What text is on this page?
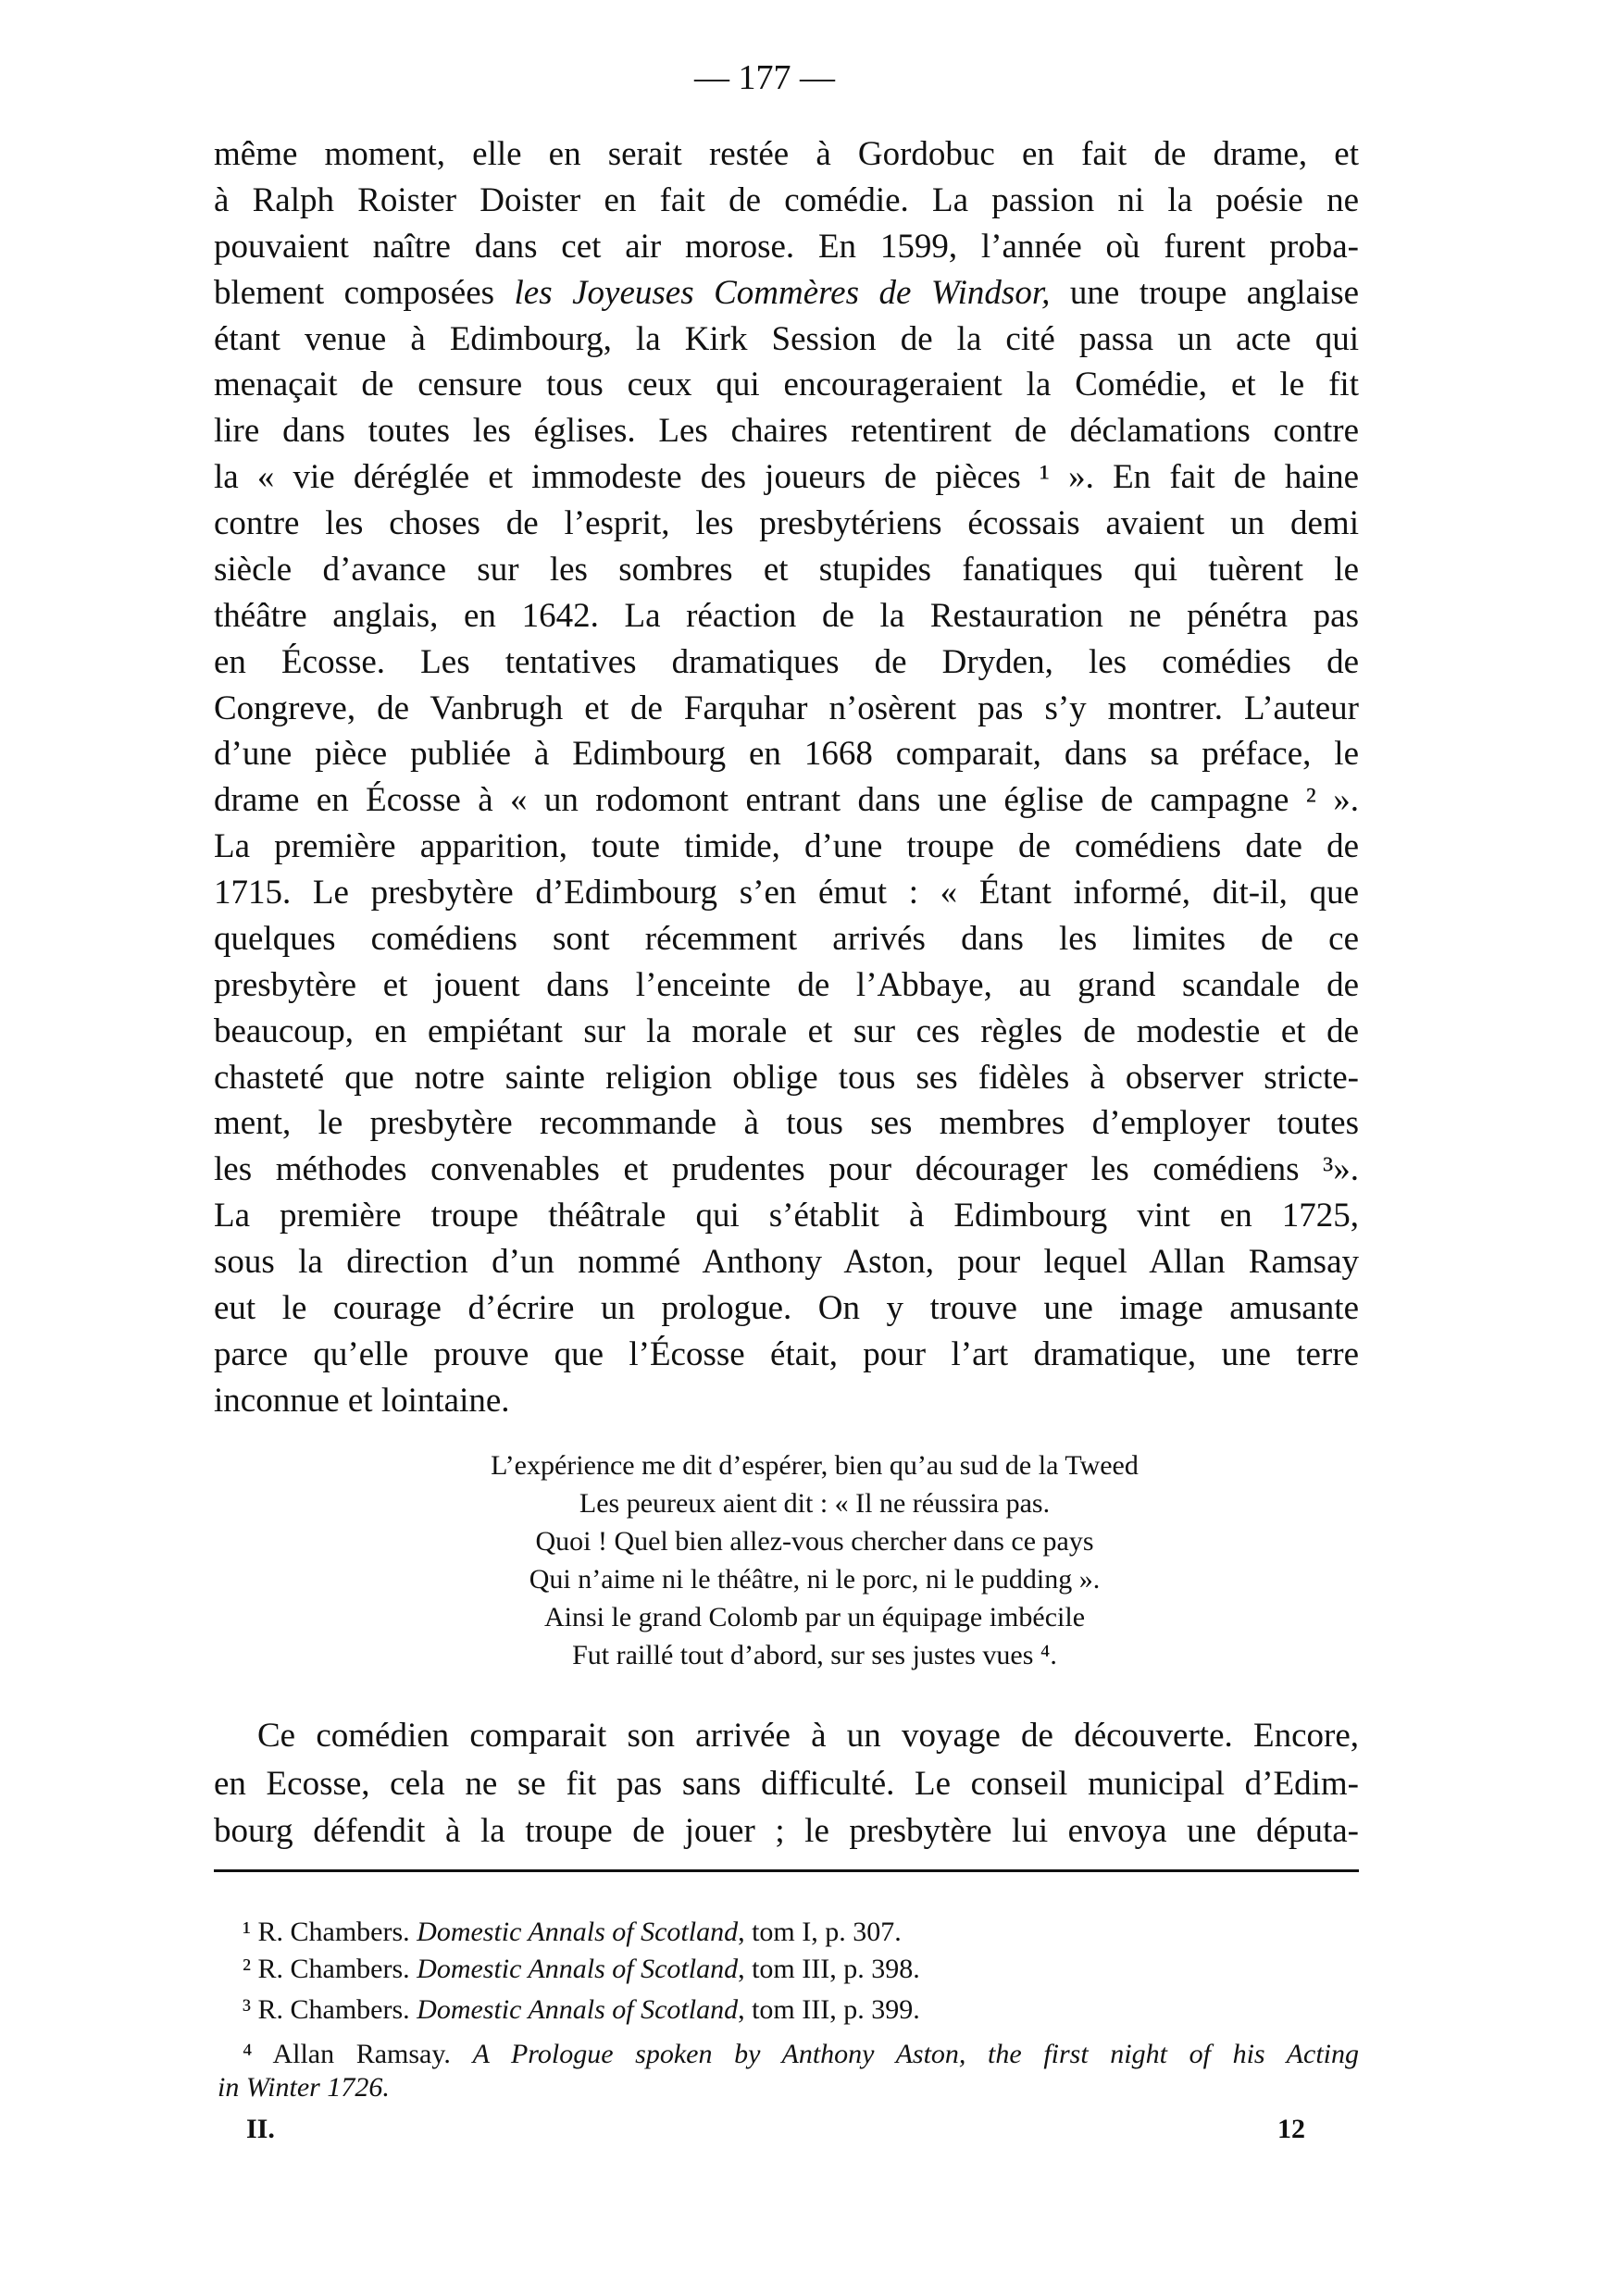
— 177 —
même moment, elle en serait restée à Gordobuc en fait de drame, et
à Ralph Roister Doister en fait de comédie. La passion ni la poésie ne
pouvaient naître dans cet air morose. En 1599, l’année où furent proba-
blement composées les Joyeuses Commères de Windsor, une troupe anglaise
étant venue à Edimbourg, la Kirk Session de la cité passa un acte qui
menaçait de censure tous ceux qui encourageraient la Comédie, et le fit
lire dans toutes les églises. Les chaires retentirent de déclamations contre
la « vie déréglée et immodeste des joueurs de pièces ¹ ». En fait de haine
contre les choses de l’esprit, les presbytériens écossais avaient un demi
siècle d’avance sur les sombres et stupides fanatiques qui tuèrent le
théâtre anglais, en 1642. La réaction de la Restauration ne pénétra pas
en Écosse. Les tentatives dramatiques de Dryden, les comédies de
Congreve, de Vanbrugh et de Farquhar n’osèrent pas s’y montrer. L’auteur
d’une pièce publiée à Edimbourg en 1668 comparait, dans sa préface, le
drame en Écosse à « un rodomont entrant dans une église de campagne ² ».
La première apparition, toute timide, d’une troupe de comédiens date de
1715. Le presbytère d’Edimbourg s’en émut : « Étant informé, dit-il, que
quelques comédiens sont récemment arrivés dans les limites de ce
presbytère et jouent dans l’enceinte de l’Abbaye, au grand scandale de
beaucoup, en empiétant sur la morale et sur ces règles de modestie et de
chasteté que notre sainte religion oblige tous ses fidèles à observer stricte-
ment, le presbytère recommande à tous ses membres d’employer toutes
les méthodes convenables et prudentes pour décourager les comédiens ³».
La première troupe théâtrale qui s’établit à Edimbourg vint en 1725,
sous la direction d’un nommé Anthony Aston, pour lequel Allan Ramsay
eut le courage d’écrire un prologue. On y trouve une image amusante
parce qu’elle prouve que l’Écosse était, pour l’art dramatique, une terre
inconnue et lointaine.
L’expérience me dit d’espérer, bien qu’au sud de la Tweed
Les peureux aient dit : « Il ne réussira pas.
Quoi ! Quel bien allez-vous chercher dans ce pays
Qui n’aime ni le théâtre, ni le porc, ni le pudding ».
Ainsi le grand Colomb par un équipage imbécile
Fut raillé tout d’abord, sur ses justes vues ⁴.
Ce comédien comparait son arrivée à un voyage de découverte. Encore,
en Ecosse, cela ne se fit pas sans difficulté. Le conseil municipal d’Edim-
bourg défendit à la troupe de jouer ; le presbytère lui envoya une députa-
¹ R. Chambers. Domestic Annals of Scotland, tom I, p. 307.
² R. Chambers. Domestic Annals of Scotland, tom III, p. 398.
³ R. Chambers. Domestic Annals of Scotland, tom III, p. 399.
⁴ Allan Ramsay. A Prologue spoken by Anthony Aston, the first night of his Acting
in Winter 1726.
II.	12
